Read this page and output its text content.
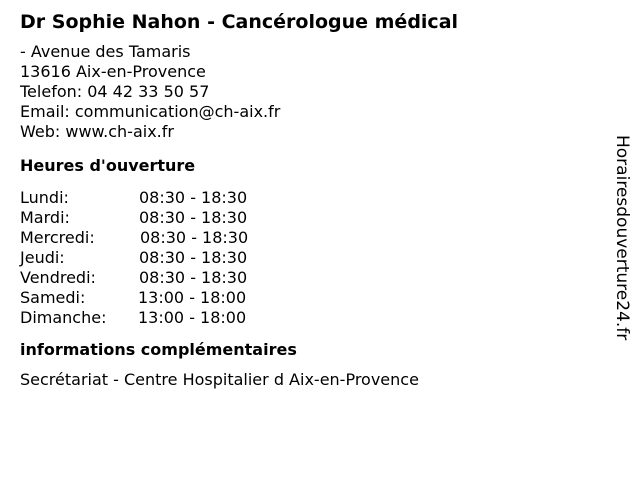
Dr Sophie Nahon - Cancérologue médical
- Avenue des Tamaris
13616 Aix-en-Provence
Telefon: 04 42 33 50 57
Email: communication@ch-aix.fr
Web: www.ch-aix.fr
Heures d'ouverture
Lundi:	08:30 - 18:30
Mardi:	08:30 - 18:30
Mercredi:	08:30 - 18:30
Jeudi:	08:30 - 18:30
Vendredi:	08:30 - 18:30
Samedi:	13:00 - 18:00
Dimanche:	13:00 - 18:00
informations complémentaires
Secrétariat - Centre Hospitalier d Aix-en-Provence
Horairesdouverture24.fr
